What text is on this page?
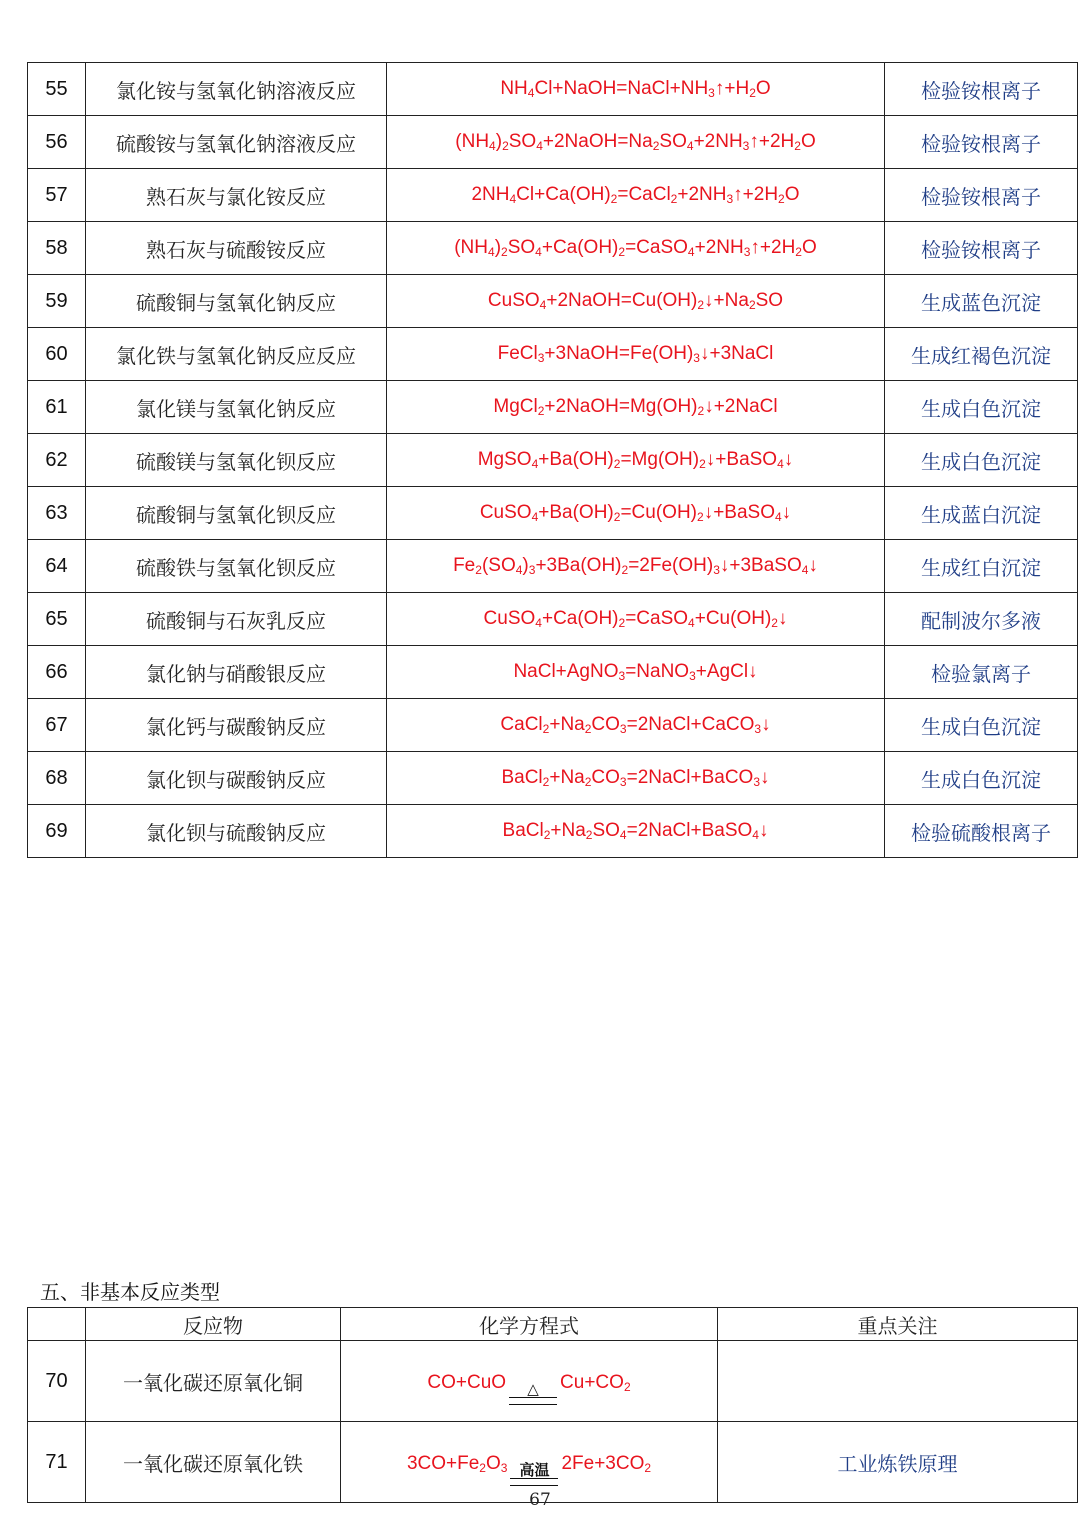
55	氯化铵与氢氧化钠溶液反应	$NH_4Cl+NaOH=NaCl+NH_3↑+H_2O$	检验铵根离子
56	硫酸铵与氢氧化钠溶液反应	$(NH_4)_2SO_4+2NaOH=Na_2SO_4+2NH_3↑+2H_2O$	检验铵根离子
57	熟石灰与氯化铵反应	$2NH_4Cl+Ca(OH)_2=CaCl_2+2NH_3↑+2H_2O$	检验铵根离子
58	熟石灰与硫酸铵反应	$(NH_4)_2SO_4+Ca(OH)_2=CaSO_4+2NH_3↑+2H_2O$	检验铵根离子
59	硫酸铜与氢氧化钠反应	$CuSO_4+2NaOH=Cu(OH)_2↓+Na_2SO$	生成蓝色沉淀
60	氯化铁与氢氧化钠反应反应	$FeCl_3+3NaOH=Fe(OH)_3↓+3NaCl$	生成红褐色沉淀
61	氯化镁与氢氧化钠反应	$MgCl_2+2NaOH=Mg(OH)_2↓+2NaCl$	生成白色沉淀
62	硫酸镁与氢氧化钡反应	$MgSO_4+Ba(OH)_2=Mg(OH)_2↓+BaSO_4↓$	生成白色沉淀
63	硫酸铜与氢氧化钡反应	$CuSO_4+Ba(OH)_2=Cu(OH)_2↓+BaSO_4↓$	生成蓝白沉淀
64	硫酸铁与氢氧化钡反应	$Fe_2(SO_4)_3+3Ba(OH)_2=2Fe(OH)_3↓+3BaSO_4↓$	生成红白沉淀
65	硫酸铜与石灰乳反应	$CuSO_4+Ca(OH)_2=CaSO_4+Cu(OH)_2↓$	配制波尔多液
66	氯化钠与硝酸银反应	NaCl+AgNO$_3$=NaNO$_3$+AgCl↓	检验氯离子
67	氯化钙与碳酸钠反应	$CaCl_2+Na_2CO_3=2NaCl+CaCO_3↓$	生成白色沉淀
68	氯化钡与碳酸钠反应	$BaCl_2+Na_2CO_3=2NaCl+BaCO_3↓$	生成白色沉淀
69	氯化钡与硫酸钠反应	$BaCl_2+Na_2SO_4=2NaCl+BaSO_4↓$	检验硫酸根离子
五、非基本反应类型
	反应物	化学方程式	重点关注
70	一氧化碳还原氧化铜	CO+CuO △ $Cu+CO_2$	
71	一氧化碳还原氧化铁	$3CO+Fe_2O_3$ 高温 $2Fe+3CO_2$	工业炼铁原理
67
